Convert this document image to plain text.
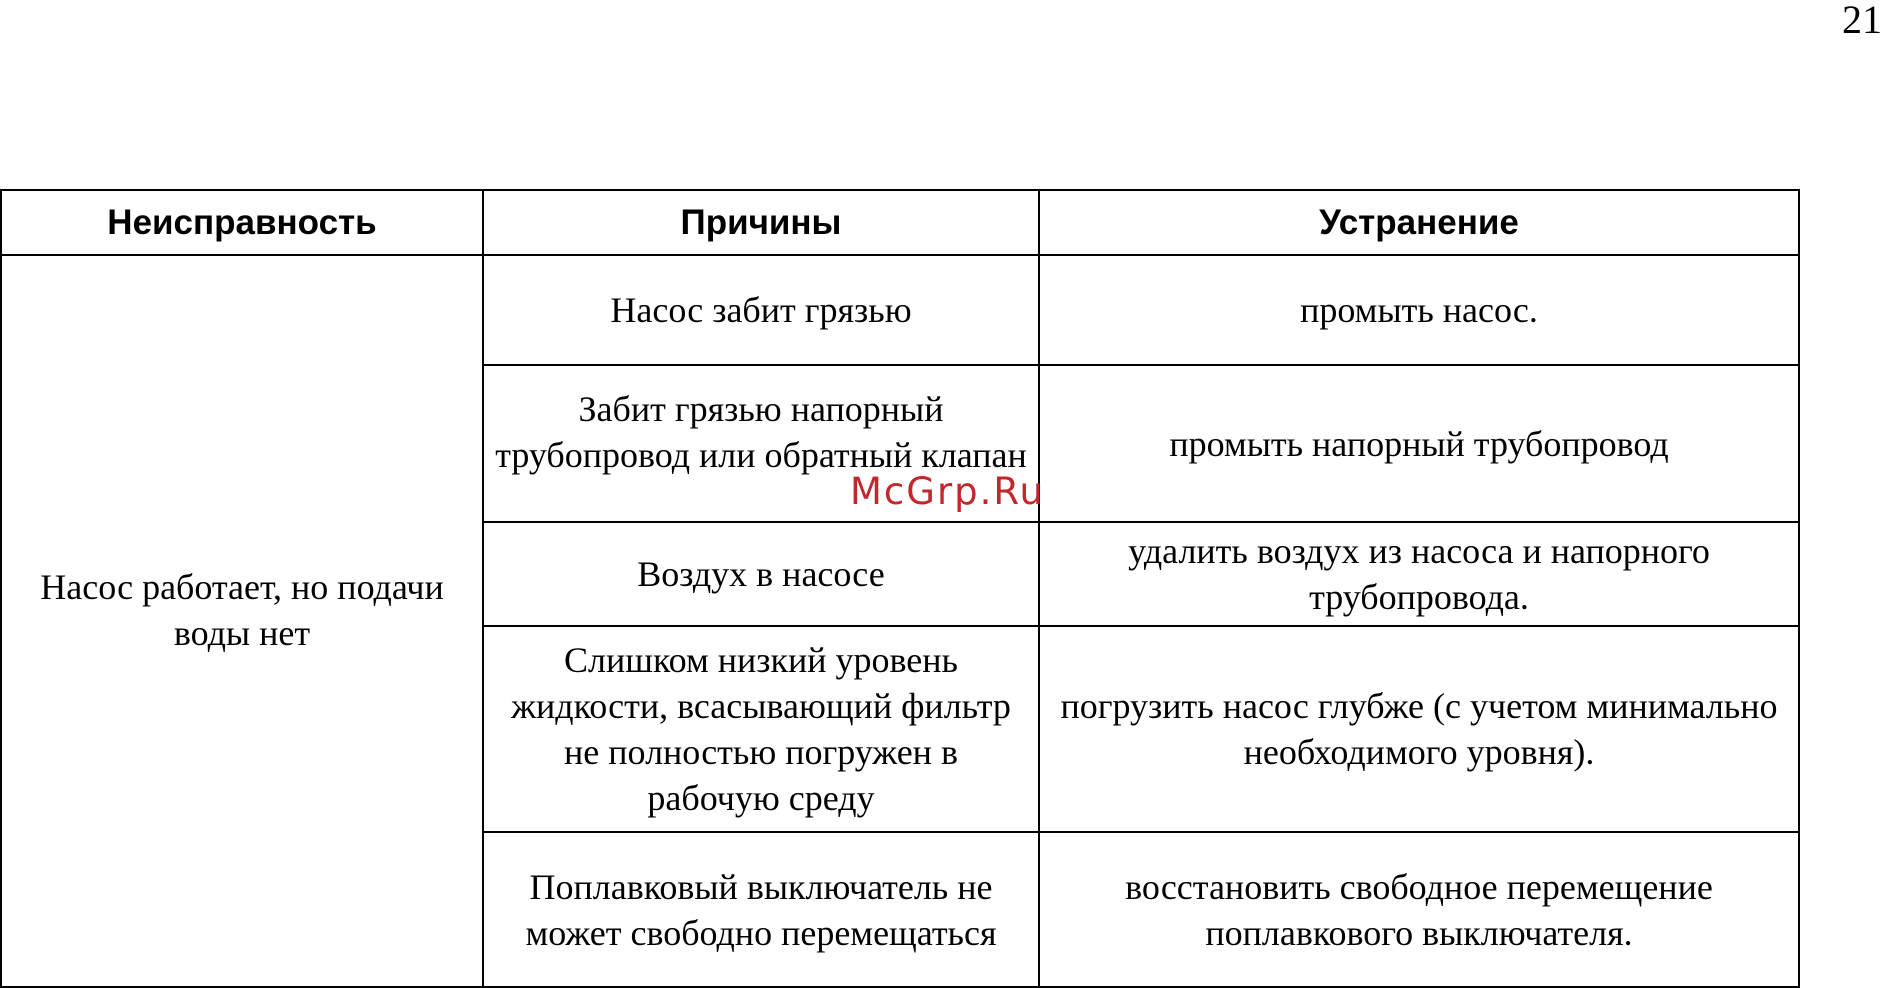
21
Неисправность	Причины	Устранение
Насос работает, но подачи воды нет	Насос забит грязью	промыть насос.
	Забит грязью напорный трубопровод или обратный клапан	промыть напорный трубопровод
	Воздух в насосе	удалить воздух из насоса и напорного трубопровода.
	Слишком низкий уровень жидкости, всасывающий фильтр не полностью погружен в рабочую среду	погрузить насос глубже (с учетом минимально необходимого уровня).
	Поплавковый выключатель не может свободно перемещаться	восстановить свободное перемещение поплавкового выключателя.
McGrp.Ru
